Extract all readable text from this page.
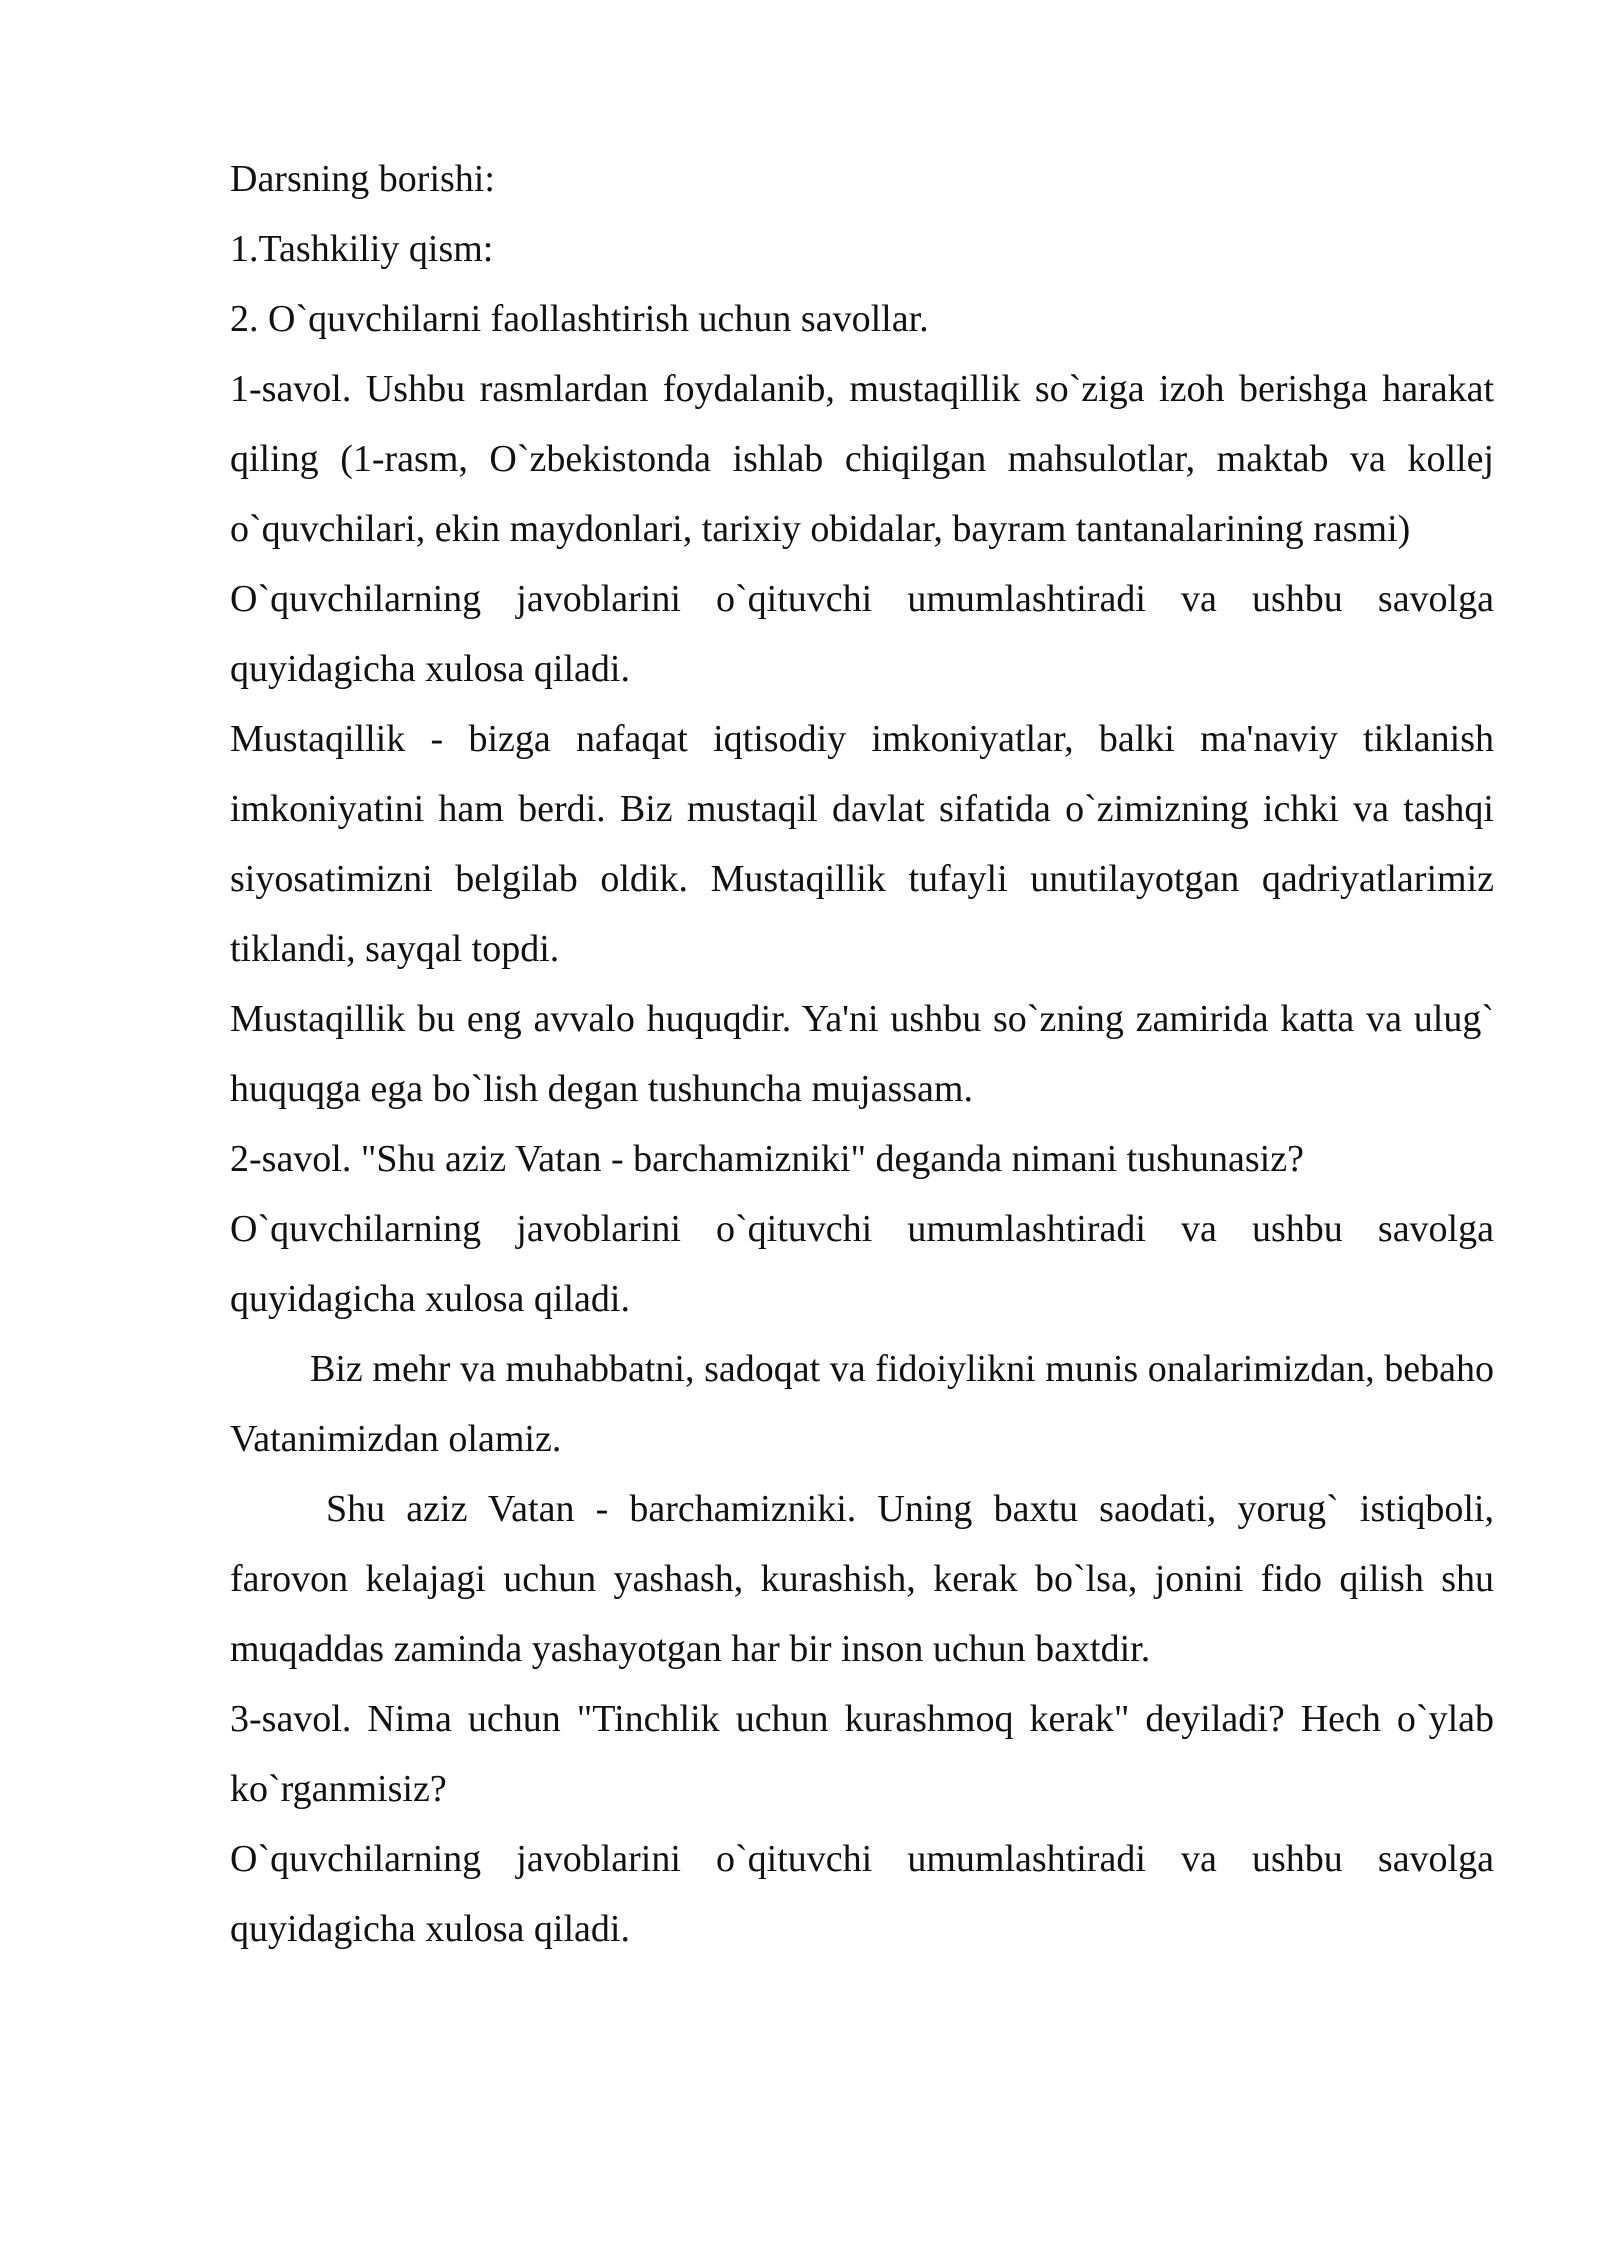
Darsning borishi:

1.Tashkiliy qism:

2. O`quvchilarni faollashtirish uchun savollar.

1-savol. Ushbu rasmlardan foydalanib, mustaqillik so`ziga izoh berishga harakat qiling (1-rasm, O`zbekistonda ishlab chiqilgan mahsulotlar, maktab va kollej o`quvchilari, ekin maydonlari, tarixiy obidalar, bayram tantanalarining rasmi)

O`quvchilarning javoblarini o`qituvchi umumlashtiradi va ushbu savolga quyidagicha xulosa qiladi.

Mustaqillik - bizga nafaqat iqtisodiy imkoniyatlar, balki ma'naviy tiklanish imkoniyatini ham berdi. Biz mustaqil davlat sifatida o`zimizning ichki va tashqi siyosatimizni belgilab oldik. Mustaqillik tufayli unutilayotgan qadriyatlarimiz tiklandi, sayqal topdi.

Mustaqillik bu eng avvalo huquqdir. Ya'ni ushbu so`zning zamirida katta va ulug` huquqga ega bo`lish degan tushuncha mujassam.

2-savol. "Shu aziz Vatan - barchamizniki" deganda nimani tushunasiz?

O`quvchilarning javoblarini o`qituvchi umumlashtiradi va ushbu savolga quyidagicha xulosa qiladi.

Biz mehr va muhabbatni, sadoqat va fidoiylikni munis onalarimizdan, bebaho Vatanimizdan olamiz.

Shu aziz Vatan - barchamizniki. Uning baxtu saodati, yorug` istiqboli, farovon kelajagi uchun yashash, kurashish, kerak bo`lsa, jonini fido qilish shu muqaddas zaminda yashayotgan har bir inson uchun baxtdir.

3-savol. Nima uchun "Tinchlik uchun kurashmoq kerak" deyiladi? Hech o`ylab ko`rganmisiz?

O`quvchilarning javoblarini o`qituvchi umumlashtiradi va ushbu savolga quyidagicha xulosa qiladi.
